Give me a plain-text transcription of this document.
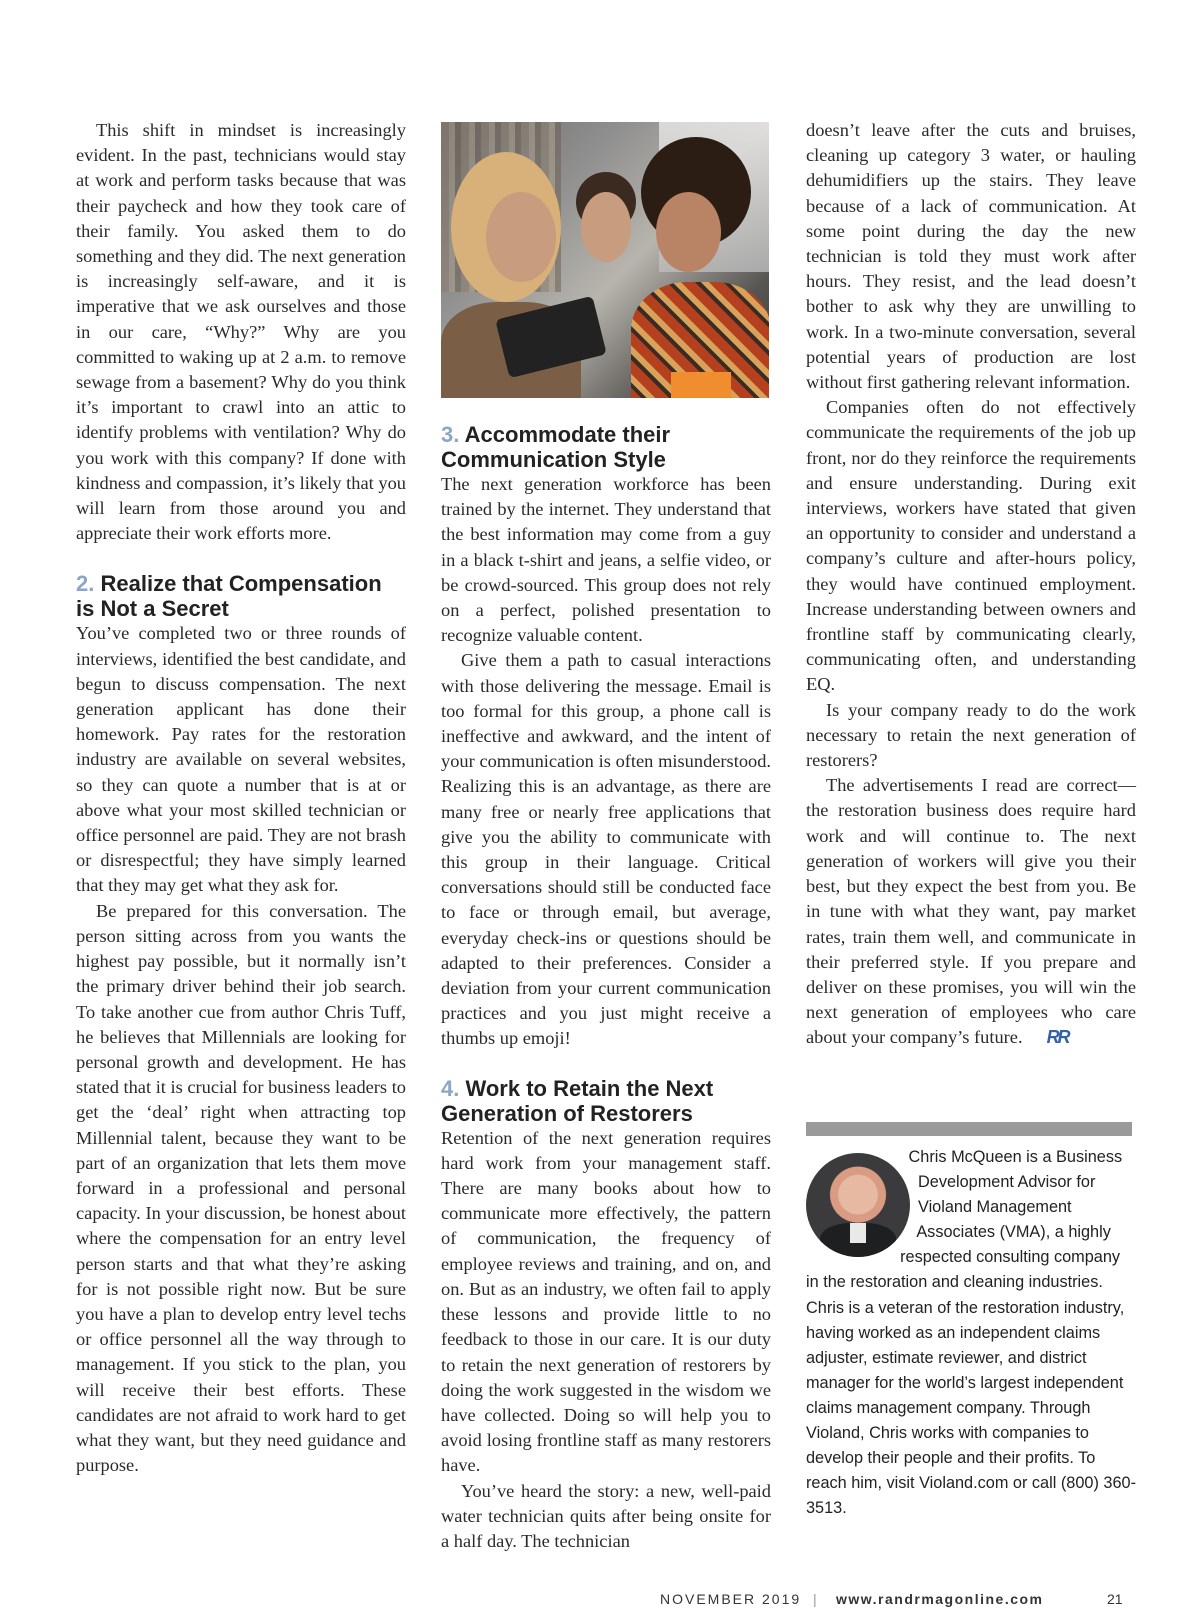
This shift in mindset is increasingly evident. In the past, technicians would stay at work and perform tasks because that was their paycheck and how they took care of their family. You asked them to do something and they did. The next generation is increasingly self-aware, and it is imperative that we ask ourselves and those in our care, “Why?” Why are you committed to waking up at 2 a.m. to remove sewage from a basement? Why do you think it’s important to crawl into an attic to identify problems with ventilation? Why do you work with this company? If done with kindness and compassion, it’s likely that you will learn from those around you and appreciate their work efforts more.

2. Realize that Compensation is Not a Secret

You’ve completed two or three rounds of interviews, identified the best candidate, and begun to discuss compensation. The next generation applicant has done their homework. Pay rates for the restoration industry are available on several websites, so they can quote a number that is at or above what your most skilled technician or office personnel are paid. They are not brash or disrespectful; they have simply learned that they may get what they ask for.

Be prepared for this conversation. The person sitting across from you wants the highest pay possible, but it normally isn’t the primary driver behind their job search. To take another cue from author Chris Tuff, he believes that Millennials are looking for personal growth and development. He has stated that it is crucial for business leaders to get the ‘deal’ right when attracting top Millennial talent, because they want to be part of an organization that lets them move forward in a professional and personal capacity. In your discussion, be honest about where the compensation for an entry level person starts and that what they’re asking for is not possible right now. But be sure you have a plan to develop entry level techs or office personnel all the way through to management. If you stick to the plan, you will receive their best efforts. These candidates are not afraid to work hard to get what they want, but they need guidance and purpose.

3. Accommodate their Communication Style

The next generation workforce has been trained by the internet. They understand that the best information may come from a guy in a black t-shirt and jeans, a selfie video, or be crowd-sourced. This group does not rely on a perfect, polished presentation to recognize valuable content.

Give them a path to casual interactions with those delivering the message. Email is too formal for this group, a phone call is ineffective and awkward, and the intent of your communication is often misunderstood. Realizing this is an advantage, as there are many free or nearly free applications that give you the ability to communicate with this group in their language. Critical conversations should still be conducted face to face or through email, but average, everyday check-ins or questions should be adapted to their preferences. Consider a deviation from your current communication practices and you just might receive a thumbs up emoji!

4. Work to Retain the Next Generation of Restorers

Retention of the next generation requires hard work from your management staff. There are many books about how to communicate more effectively, the pattern of communication, the frequency of employee reviews and training, and on, and on. But as an industry, we often fail to apply these lessons and provide little to no feedback to those in our care. It is our duty to retain the next generation of restorers by doing the work suggested in the wisdom we have collected. Doing so will help you to avoid losing frontline staff as many restorers have.

You’ve heard the story: a new, well-paid water technician quits after being onsite for a half day. The technician

doesn’t leave after the cuts and bruises, cleaning up category 3 water, or hauling dehumidifiers up the stairs. They leave because of a lack of communication. At some point during the day the new technician is told they must work after hours. They resist, and the lead doesn’t bother to ask why they are unwilling to work. In a two-minute conversation, several potential years of production are lost without first gathering relevant information.

Companies often do not effectively communicate the requirements of the job up front, nor do they reinforce the requirements and ensure understanding. During exit interviews, workers have stated that given an opportunity to consider and understand a company’s culture and after-hours policy, they would have continued employment. Increase understanding between owners and frontline staff by communicating clearly, communicating often, and understanding EQ.

Is your company ready to do the work necessary to retain the next generation of restorers?

The advertisements I read are correct—the restoration business does require hard work and will continue to. The next generation of workers will give you their best, but they expect the best from you. Be in tune with what they want, pay market rates, train them well, and communicate in their preferred style. If you prepare and deliver on these promises, you will win the next generation of employees who care about your company’s future. RR

Chris McQueen is a Business Development Advisor for Violand Management Associates (VMA), a highly respected consulting company in the restoration and cleaning industries. Chris is a veteran of the restoration industry, having worked as an independent claims adjuster, estimate reviewer, and district manager for the world’s largest independent claims management company. Through Violand, Chris works with companies to develop their people and their profits. To reach him, visit Violand.com or call (800) 360-3513.

NOVEMBER 2019 | www.randrmagonline.com	21
